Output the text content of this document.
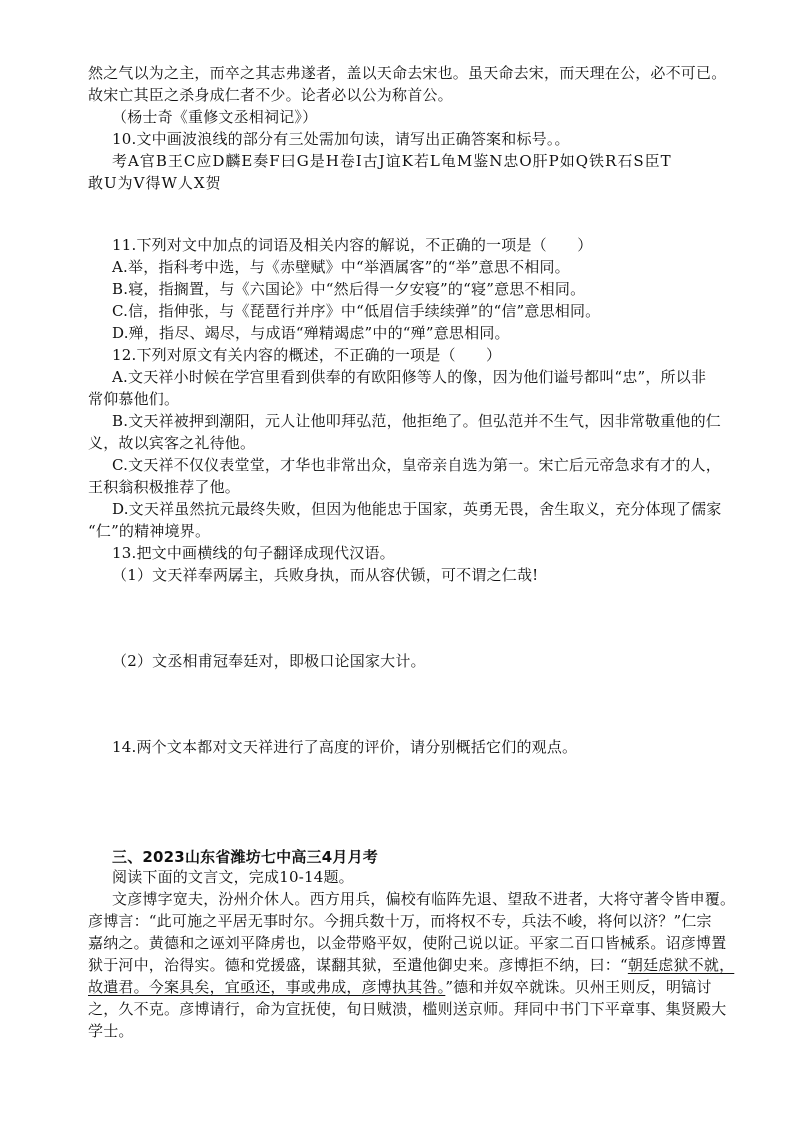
然之气以为之主，而卒之其志弗遂者，盖以天命去宋也。虽天命去宋，而天理在公，必不可已。
故宋亡其臣之杀身成仁者不少。论者必以公为称首公。
（杨士奇《重修文丞相祠记》）
10.文中画波浪线的部分有三处需加句读，请写出正确答案和标号。。
考A官B王C应D麟E奏F曰G是H卷I古J谊K若L龟M鉴N忠O肝P如Q铁R石S臣T
敢U为V得W人X贺
11.下列对文中加点的词语及相关内容的解说，不正确的一项是（　　）
A.举，指科考中选，与《赤壁赋》中“举酒属客”的“举”意思不相同。
B.寝，指搁置，与《六国论》中“然后得一夕安寝”的“寝”意思不相同。
C.信，指伸张，与《琵琶行并序》中“低眉信手续续弹”的“信”意思相同。
D.殚，指尽、竭尽，与成语“殚精竭虑”中的“殚”意思相同。
12.下列对原文有关内容的概述，不正确的一项是（　　）
A.文天祥小时候在学宫里看到供奉的有欧阳修等人的像，因为他们谥号都叫“忠”，所以非
常仰慕他们。
B.文天祥被押到潮阳，元人让他叩拜弘范，他拒绝了。但弘范并不生气，因非常敬重他的仁
义，故以宾客之礼待他。
C.文天祥不仅仪表堂堂，才华也非常出众，皇帝亲自选为第一。宋亡后元帝急求有才的人，
王积翁积极推荐了他。
D.文天祥虽然抗元最终失败，但因为他能忠于国家，英勇无畏，舍生取义，充分体现了儒家
“仁”的精神境界。
13.把文中画横线的句子翻译成现代汉语。
（1）文天祥奉两孱主，兵败身执，而从容伏锧，可不谓之仁哉!
（2）文丞相甫冠奉廷对，即极口论国家大计。
14.两个文本都对文天祥进行了高度的评价，请分别概括它们的观点。
三、2023山东省潍坊七中高三4月月考
阅读下面的文言文，完成10-14题。
文彦博字宽夫，汾州介休人。西方用兵，偏校有临阵先退、望敌不进者，大将守著令皆申覆。
彦博言：“此可施之平居无事时尔。今拥兵数十万，而将权不专，兵法不峻，将何以济？”仁宗
嘉纳之。黄德和之诬刘平降虏也，以金带赂平奴，使附己说以证。平家二百口皆械系。诏彦博置
狱于河中，治得实。德和党援盛，谋翻其狱，至遣他御史来。彦博拒不纳，曰：“朝廷虑狱不就，
故遣君。今案具矣，宜亟还，事或弗成，彦博执其咎。”德和并奴卒就诛。贝州王则反，明镐讨
之，久不克。彦博请行，命为宣抚使，旬日贼溃，槛则送京师。拜同中书门下平章事、集贤殿大
学士。
